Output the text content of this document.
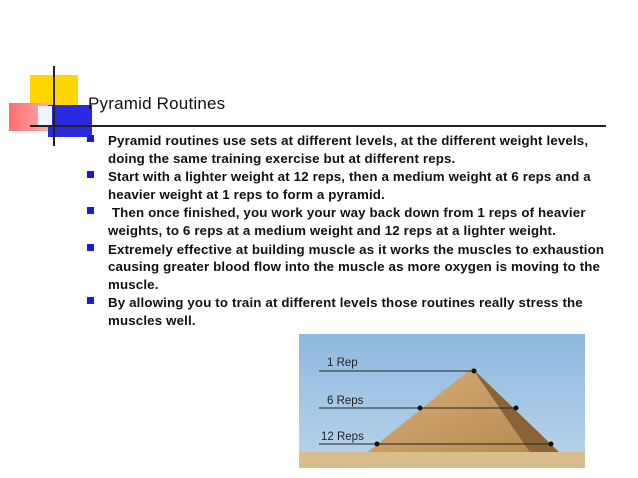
Pyramid Routines
Pyramid routines use sets at different levels, at the different weight levels, doing the same training exercise but at different reps.
Start with a lighter weight at 12 reps, then a medium weight at 6 reps and a heavier weight at 1 reps to form a pyramid.
Then once finished, you work your way back down from 1 reps of heavier weights, to 6 reps at a medium weight and 12 reps at a lighter weight.
Extremely effective at building muscle as it works the muscles to exhaustion causing greater blood flow into the muscle as more oxygen is moving to the muscle.
By allowing you to train at different levels those routines really stress the muscles well.
1 Rep
6 Reps
12 Reps
